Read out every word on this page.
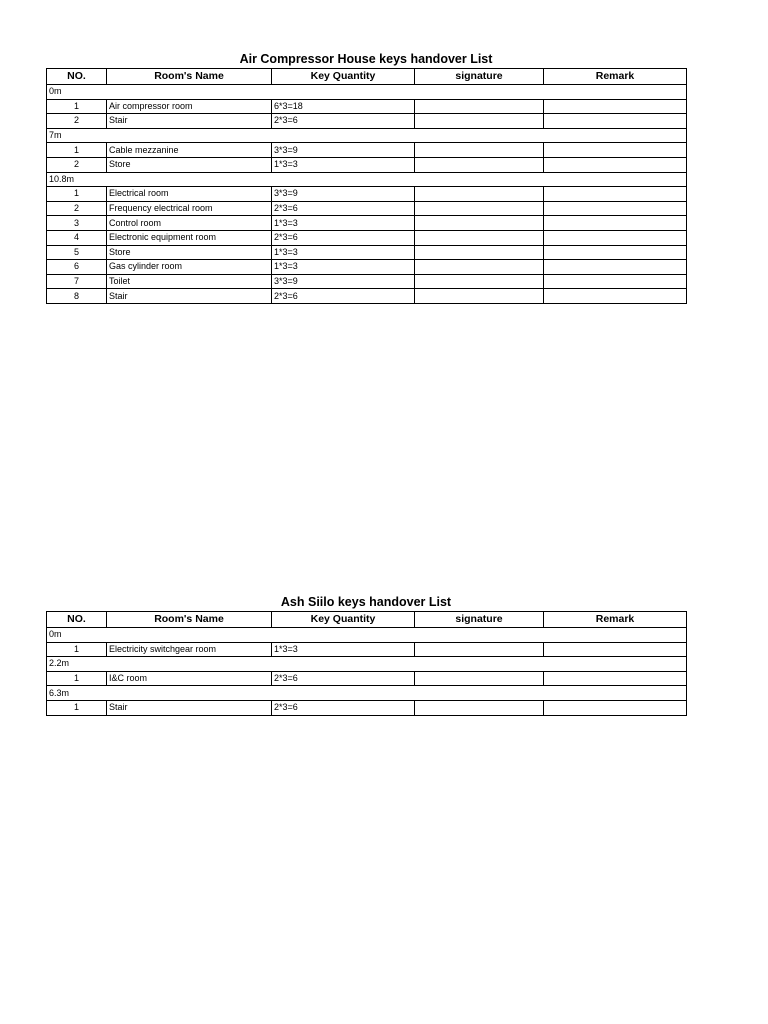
Air Compressor House keys handover List
NO.	Room's Name	Key Quantity	signature	Remark
0m				
1	Air compressor room	6*3=18		
2	Stair	2*3=6		
7m				
1	Cable mezzanine	3*3=9		
2	Store	1*3=3		
10.8m				
1	Electrical room	3*3=9		
2	Frequency electrical room	2*3=6		
3	Control room	1*3=3		
4	Electronic equipment room	2*3=6		
5	Store	1*3=3		
6	Gas cylinder room	1*3=3		
7	Toilet	3*3=9		
8	Stair	2*3=6		
Ash Siilo keys handover List
NO.	Room's Name	Key Quantity	signature	Remark
0m				
1	Electricity switchgear room	1*3=3		
2.2m				
1	I&C room	2*3=6		
6.3m				
1	Stair	2*3=6		
